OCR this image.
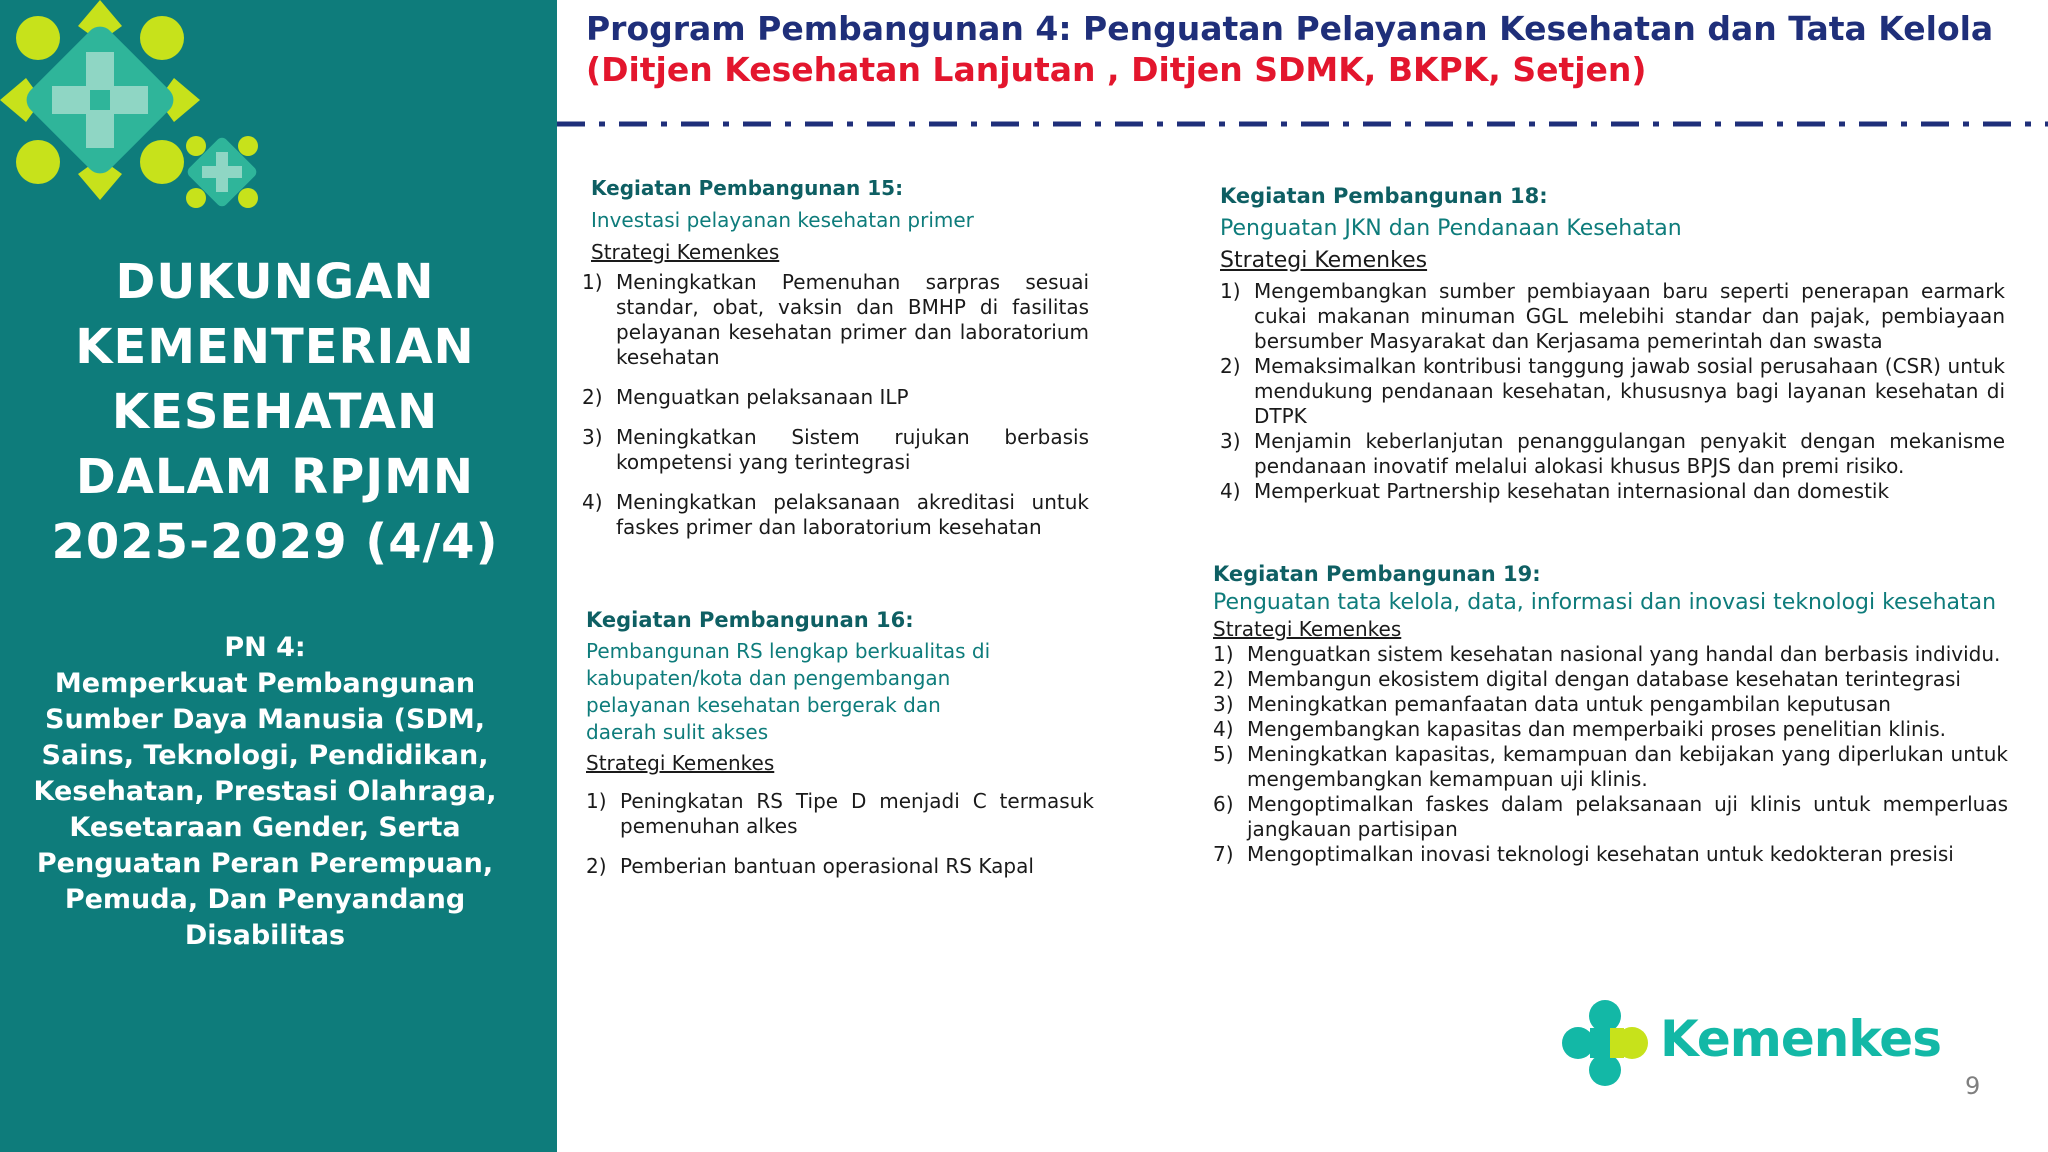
DUKUNGAN
KEMENTERIAN
KESEHATAN
DALAM RPJMN
2025-2029 (4/4)
PN 4:
Memperkuat Pembangunan Sumber Daya Manusia (SDM, Sains, Teknologi, Pendidikan, Kesehatan, Prestasi Olahraga, Kesetaraan Gender, Serta Penguatan Peran Perempuan, Pemuda, Dan Penyandang Disabilitas
Program Pembangunan 4: Penguatan Pelayanan Kesehatan dan Tata Kelola
(Ditjen Kesehatan Lanjutan , Ditjen SDMK, BKPK, Setjen)
Kegiatan Pembangunan 15:
Investasi pelayanan kesehatan primer
Strategi Kemenkes
1) Meningkatkan Pemenuhan sarpras sesuai standar, obat, vaksin dan BMHP di fasilitas pelayanan kesehatan primer dan laboratorium kesehatan
2) Menguatkan pelaksanaan ILP
3) Meningkatkan Sistem rujukan berbasis kompetensi yang terintegrasi
4) Meningkatkan pelaksanaan akreditasi untuk faskes primer dan laboratorium kesehatan
Kegiatan Pembangunan 16:
Pembangunan RS lengkap berkualitas di kabupaten/kota dan pengembangan pelayanan kesehatan bergerak dan daerah sulit akses
Strategi Kemenkes
1) Peningkatan RS Tipe D menjadi C termasuk pemenuhan alkes
2) Pemberian bantuan operasional RS Kapal
Kegiatan Pembangunan 18:
Penguatan JKN dan Pendanaan Kesehatan
Strategi Kemenkes
1) Mengembangkan sumber pembiayaan baru seperti penerapan earmark cukai makanan minuman GGL melebihi standar dan pajak, pembiayaan bersumber Masyarakat dan Kerjasama pemerintah dan swasta
2) Memaksimalkan kontribusi tanggung jawab sosial perusahaan (CSR) untuk mendukung pendanaan kesehatan, khususnya bagi layanan kesehatan di DTPK
3) Menjamin keberlanjutan penanggulangan penyakit dengan mekanisme pendanaan inovatif melalui alokasi khusus BPJS dan premi risiko.
4) Memperkuat Partnership kesehatan internasional dan domestik
Kegiatan Pembangunan 19:
Penguatan tata kelola, data, informasi dan inovasi teknologi kesehatan
Strategi Kemenkes
1) Menguatkan sistem kesehatan nasional yang handal dan berbasis individu.
2) Membangun ekosistem digital dengan database kesehatan terintegrasi
3) Meningkatkan pemanfaatan data untuk pengambilan keputusan
4) Mengembangkan kapasitas dan memperbaiki proses penelitian klinis.
5) Meningkatkan kapasitas, kemampuan dan kebijakan yang diperlukan untuk mengembangkan kemampuan uji klinis.
6) Mengoptimalkan faskes dalam pelaksanaan uji klinis untuk memperluas jangkauan partisipan
7) Mengoptimalkan inovasi teknologi kesehatan untuk kedokteran presisi
Kemenkes
9
